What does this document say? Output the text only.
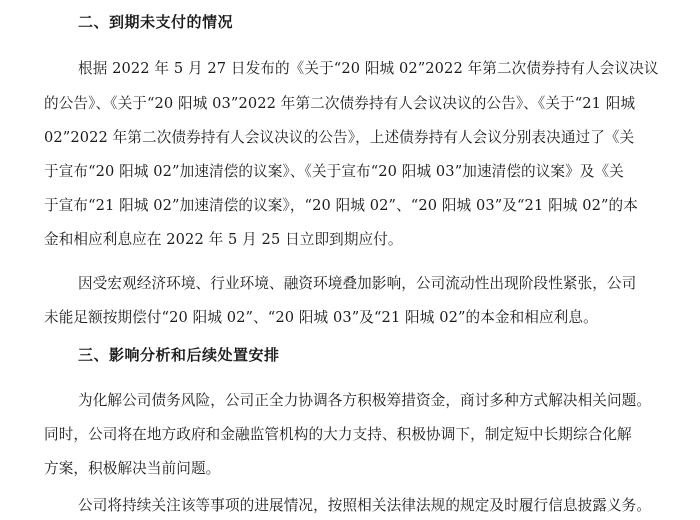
二、到期未支付的情况
根据 2022 年 5 月 27 日发布的《关于“20 阳城 02”2022 年第二次债券持有人会议决议
的公告》、《关于“20 阳城 03”2022 年第二次债券持有人会议决议的公告》、《关于“21 阳城
02”2022 年第二次债券持有人会议决议的公告》，上述债券持有人会议分别表决通过了《关
于宣布“20 阳城 02”加速清偿的议案》、《关于宣布“20 阳城 03”加速清偿的议案》及《关
于宣布“21 阳城 02”加速清偿的议案》，“20 阳城 02”、“20 阳城 03”及“21 阳城 02”的本
金和相应利息应在 2022 年 5 月 25 日立即到期应付。
因受宏观经济环境、行业环境、融资环境叠加影响，公司流动性出现阶段性紧张，公司
未能足额按期偿付“20 阳城 02”、“20 阳城 03”及“21 阳城 02”的本金和相应利息。
三、影响分析和后续处置安排
为化解公司债务风险，公司正全力协调各方积极筹措资金，商讨多种方式解决相关问题。
同时，公司将在地方政府和金融监管机构的大力支持、积极协调下，制定短中长期综合化解
方案，积极解决当前问题。
公司将持续关注该等事项的进展情况，按照相关法律法规的规定及时履行信息披露义务。
